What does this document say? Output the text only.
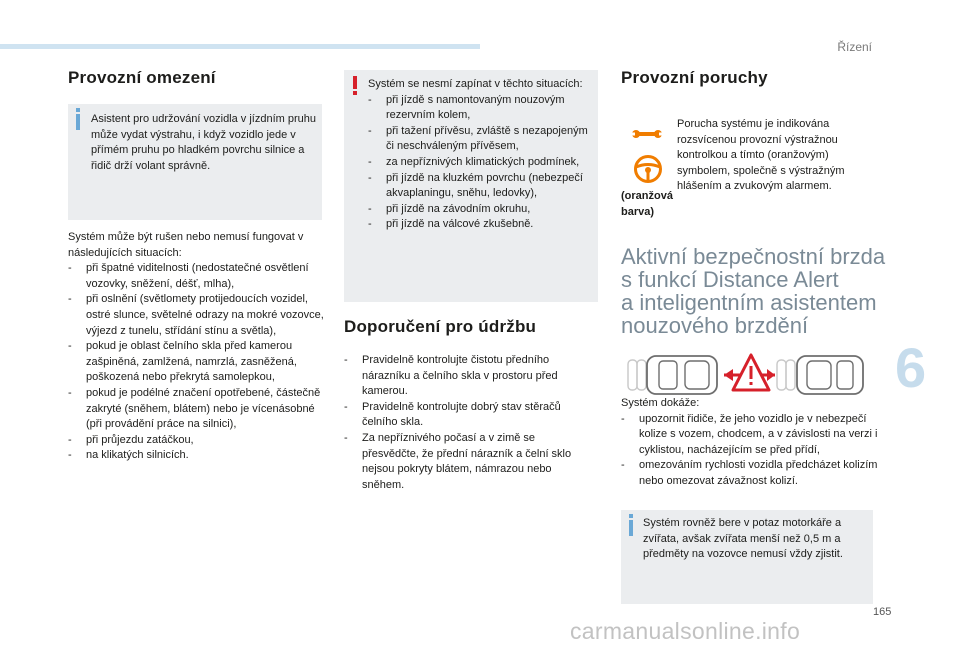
Řízení
6
Provozní omezení

Asistent pro udržování vozidla v jízdním pruhu může vydat výstrahu, i když vozidlo jede v přímém pruhu po hladkém povrchu silnice a řidič drží volant správně.

Systém může být rušen nebo nemusí fungovat v následujících situacích:

- při špatné viditelnosti (nedostatečné osvětlení vozovky, sněžení, déšť, mlha),
- při oslnění (světlomety protijedoucích vozidel, ostré slunce, světelné odrazy na mokré vozovce, výjezd z tunelu, střídání stínu a světla),
- pokud je oblast čelního skla před kamerou zašpiněná, zamlžená, namrzlá, zasněžená, poškozená nebo překrytá samolepkou,
- pokud je podélné značení opotřebené, částečně zakryté (sněhem, blátem) nebo je vícenásobné (při provádění práce na silnici),
- při průjezdu zatáčkou,
- na klikatých silnicích.

Systém se nesmí zapínat v těchto situacích:

- při jízdě s namontovaným nouzovým rezervním kolem,
- při tažení přívěsu, zvláště s nezapojeným či neschváleným přívěsem,
- za nepříznivých klimatických podmínek,
- při jízdě na kluzkém povrchu (nebezpečí akvaplaningu, sněhu, ledovky),
- při jízdě na závodním okruhu,
- při jízdě na válcové zkušebně.
Doporučení pro údržbu
- Pravidelně kontrolujte čistotu předního nárazníku a čelního skla v prostoru před kamerou.
- Pravidelně kontrolujte dobrý stav stěračů čelního skla.
- Za nepříznivého počasí a v zimě se přesvědčte, že přední nárazník a čelní sklo nejsou pokryty blátem, námrazou nebo sněhem.
Provozní poruchy

Porucha systému je indikována rozsvícenou provozní výstražnou kontrolkou a tímto (oranžovým) symbolem, společně s výstražným hlášením a zvukovým alarmem.

(oranžová barva)

Aktivní bezpečnostní brzda
s funkcí Distance Alert
a inteligentním asistentem
nouzového brzdění

Systém dokáže:

- upozornit řidiče, že jeho vozidlo je v nebezpečí kolize s vozem, chodcem, a v závislosti na verzi i cyklistou, nacházejícím se před přídí,
- omezováním rychlosti vozidla předcházet kolizím nebo omezovat závažnost kolizí.

Systém rovněž bere v potaz motorkáře a zvířata, avšak zvířata menší než 0,5 m a předměty na vozovce nemusí vždy zjistit.

165
carmanualsonline.info
